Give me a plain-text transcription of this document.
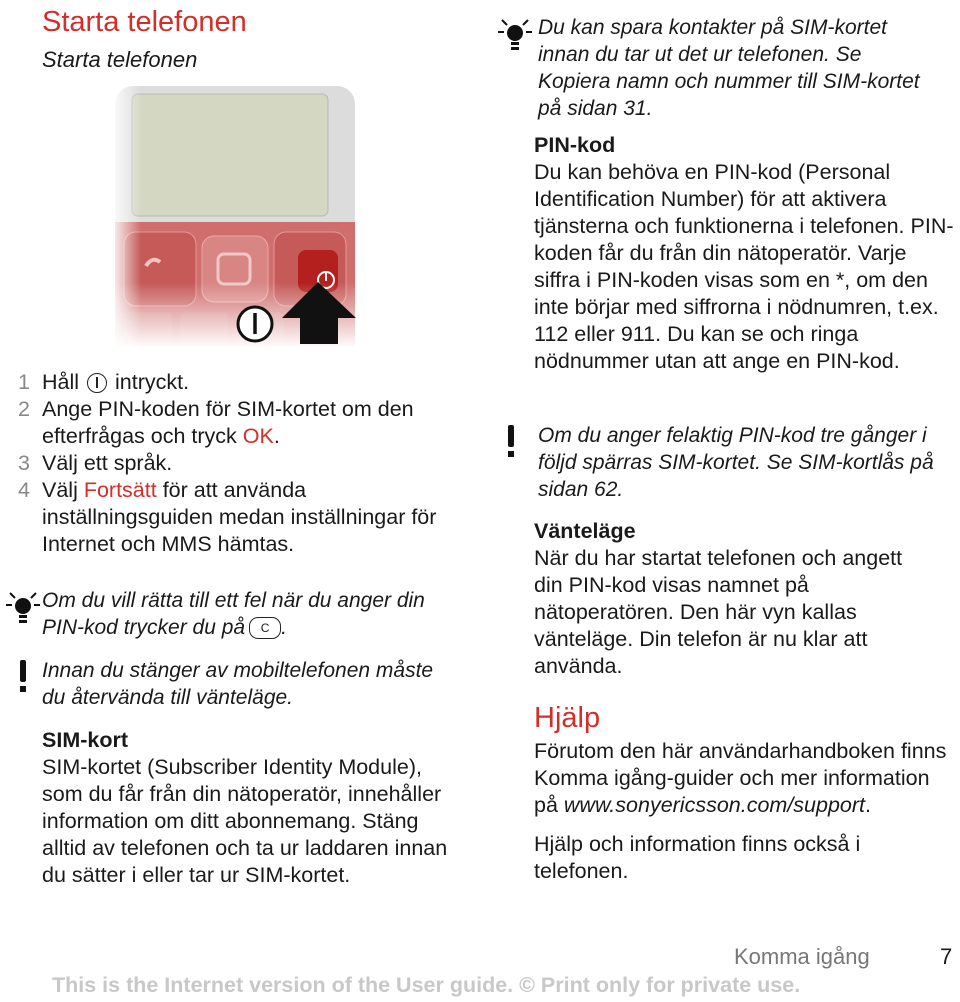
Starta telefonen
Starta telefonen
1 Håll  intryckt.
2 Ange PIN-koden för SIM-kortet om den efterfrågas och tryck OK.
3 Välj ett språk.
4 Välj Fortsätt för att använda inställningsguiden medan inställningar för Internet och MMS hämtas.
Om du vill rätta till ett fel när du anger din PIN-kod trycker du på C .
Innan du stänger av mobiltelefonen måste du återvända till vänteläge.
SIM-kort
SIM-kortet (Subscriber Identity Module), som du får från din nätoperatör, innehåller information om ditt abonnemang. Stäng alltid av telefonen och ta ur laddaren innan du sätter i eller tar ur SIM-kortet.
Du kan spara kontakter på SIM-kortet innan du tar ut det ur telefonen. Se Kopiera namn och nummer till SIM-kortet på sidan 31.
PIN-kod
Du kan behöva en PIN-kod (Personal Identification Number) för att aktivera tjänsterna och funktionerna i telefonen. PIN-koden får du från din nätoperatör. Varje siffra i PIN-koden visas som en *, om den inte börjar med siffrorna i nödnumren, t.ex. 112 eller 911. Du kan se och ringa nödnummer utan att ange en PIN-kod.
Om du anger felaktig PIN-kod tre gånger i följd spärras SIM-kortet. Se SIM-kortlås på sidan 62.
Vänteläge
När du har startat telefonen och angett din PIN-kod visas namnet på nätoperatören. Den här vyn kallas vänteläge. Din telefon är nu klar att använda.
Hjälp
Förutom den här användarhandboken finns Komma igång-guider och mer information på www.sonyericsson.com/support.
Hjälp och information finns också i telefonen.
Komma igång	7
This is the Internet version of the User guide. © Print only for private use.
